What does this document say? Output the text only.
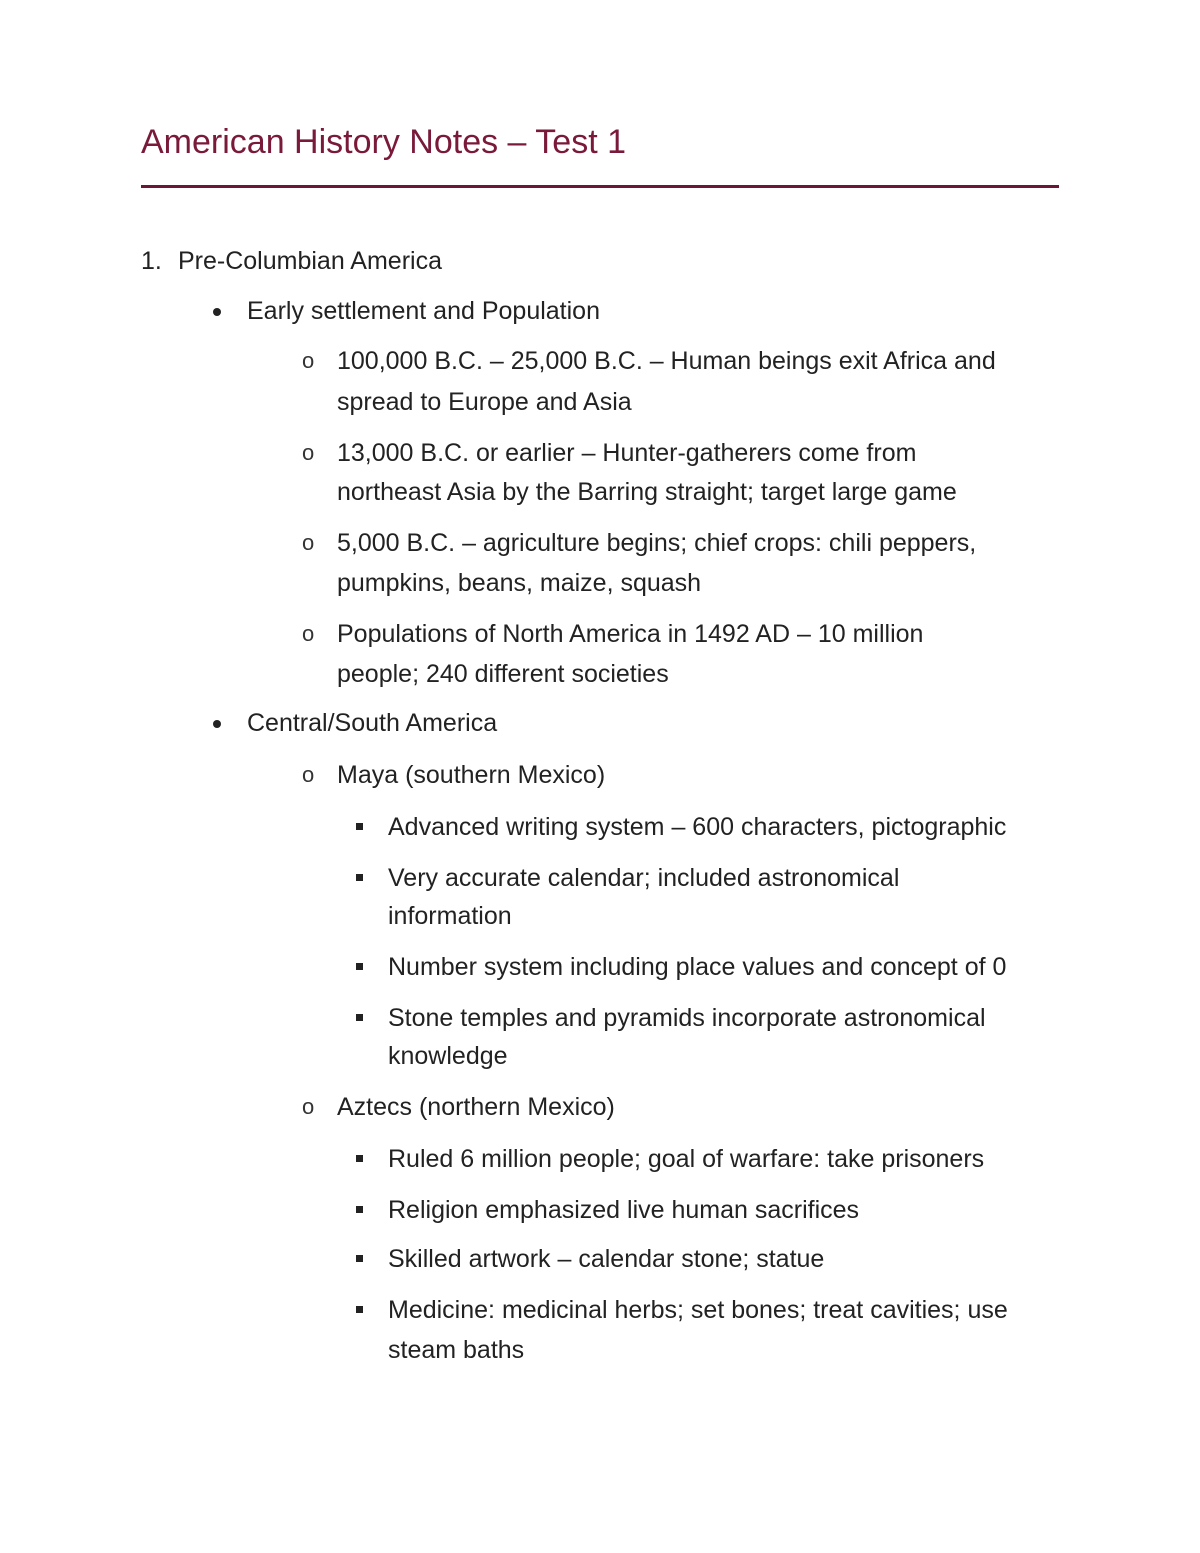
American History Notes – Test 1
1. Pre-Columbian America
Early settlement and Population
o 100,000 B.C. – 25,000 B.C. – Human beings exit Africa and
spread to Europe and Asia
o 13,000 B.C. or earlier – Hunter-gatherers come from
northeast Asia by the Barring straight; target large game
o 5,000 B.C. – agriculture begins; chief crops: chili peppers,
pumpkins, beans, maize, squash
o Populations of North America in 1492 AD – 10 million
people; 240 different societies
Central/South America
o Maya (southern Mexico)
Advanced writing system – 600 characters, pictographic
Very accurate calendar; included astronomical
information
Number system including place values and concept of 0
Stone temples and pyramids incorporate astronomical
knowledge
o Aztecs (northern Mexico)
Ruled 6 million people; goal of warfare: take prisoners
Religion emphasized live human sacrifices
Skilled artwork – calendar stone; statue
Medicine: medicinal herbs; set bones; treat cavities; use
steam baths
